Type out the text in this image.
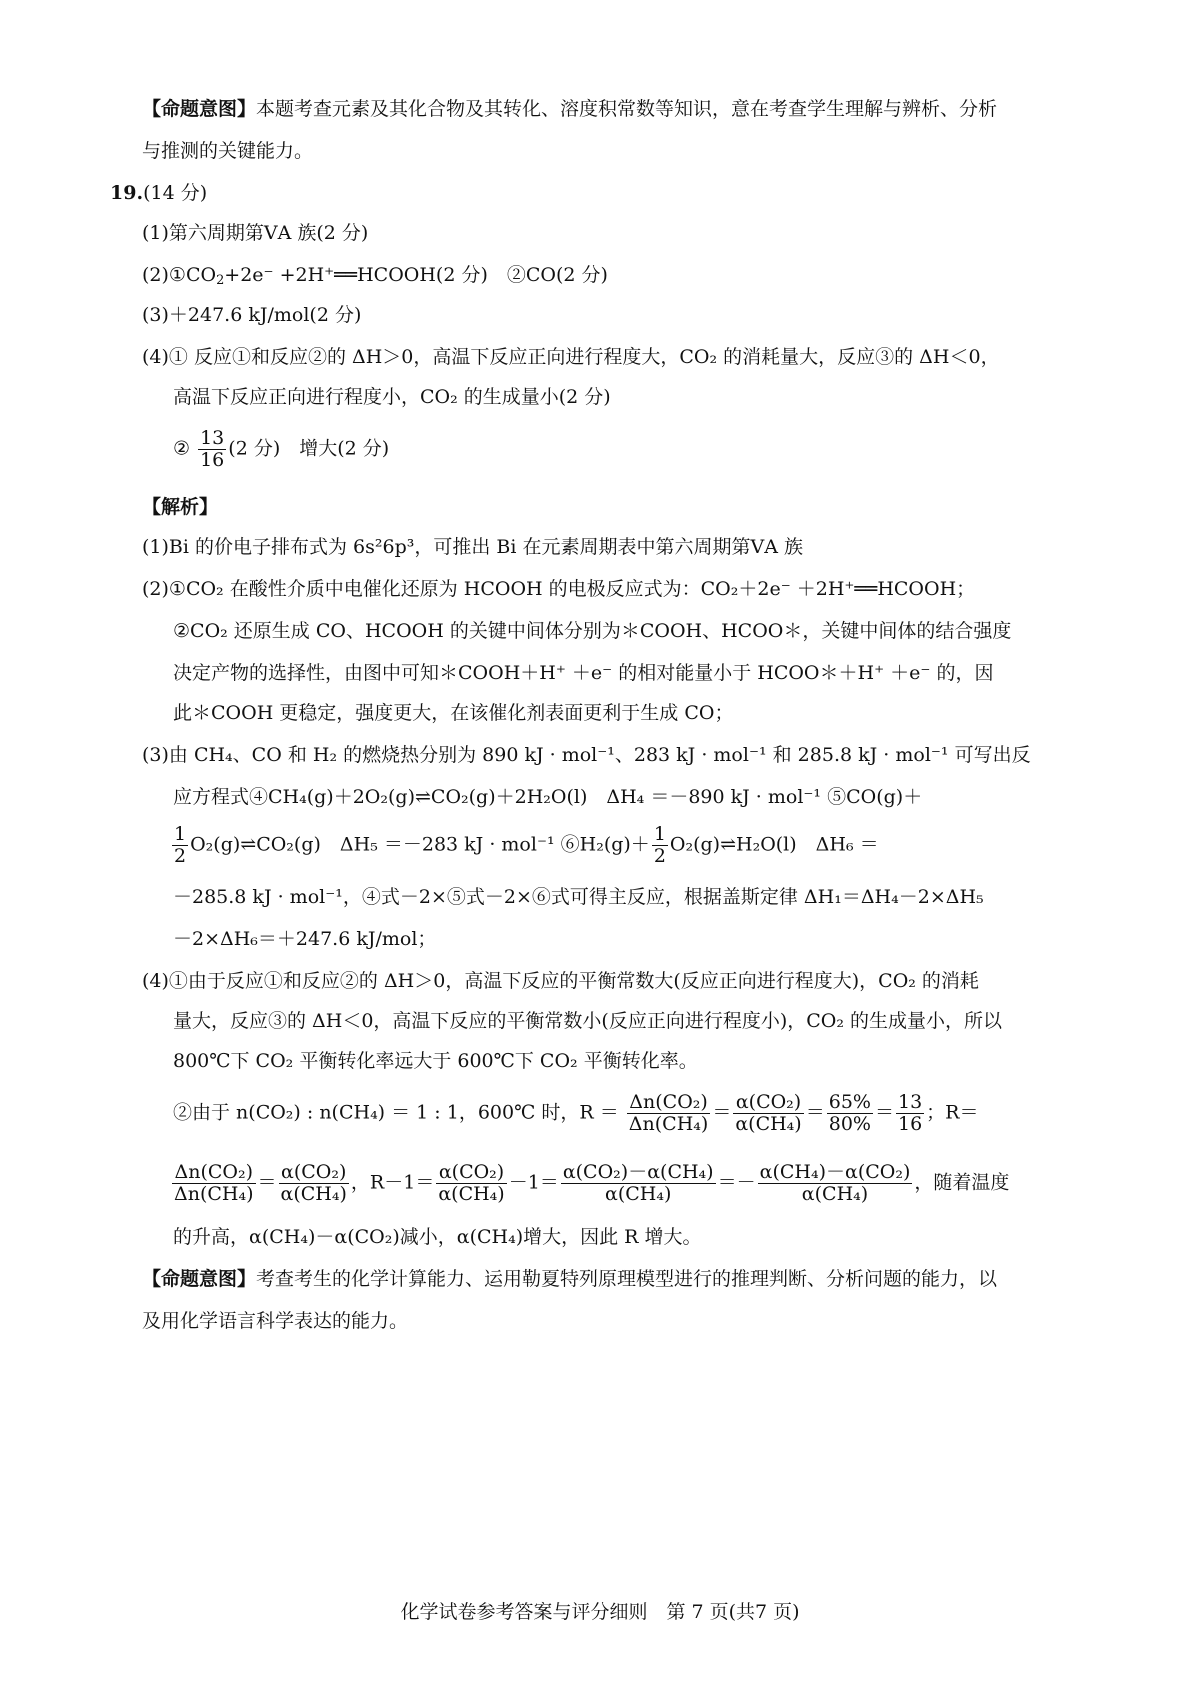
【命题意图】本题考查元素及其化合物及其转化、溶度积常数等知识，意在考查学生理解与辨析、分析
与推测的关键能力。
19.(14 分)
(1)第六周期第ⅤA 族(2 分)
$(2)①CO_2+2e^-$ +2H⁺══HCOOH(2 分)　②CO(2 分)
(3)＋247.6 kJ/mol(2 分)
(4)① 反应①和反应②的 ΔH＞0，高温下反应正向进行程度大，CO₂ 的消耗量大，反应③的 ΔH＜0，
高温下反应正向进行程度小，CO₂ 的生成量小(2 分)
② $\frac{13}{16} (2$ 分)　增大(2 分)
【解析】
(1)Bi 的价电子排布式为 6s²6p³，可推出 Bi 在元素周期表中第六周期第ⅤA 族
(2)①CO₂ 在酸性介质中电催化还原为 HCOOH 的电极反应式为：CO₂＋2e⁻ ＋2H⁺══HCOOH；
②CO₂ 还原生成 CO、HCOOH 的关键中间体分别为＊COOH、HCOO＊，关键中间体的结合强度
决定产物的选择性，由图中可知＊COOH＋H⁺ ＋e⁻ 的相对能量小于 HCOO＊＋H⁺ ＋e⁻ 的，因
此＊COOH 更稳定，强度更大，在该催化剂表面更利于生成 CO；
(3)由 CH₄、CO 和 H₂ 的燃烧热分别为 890 kJ · mol⁻¹、283 kJ · mol⁻¹ 和 285.8 kJ · mol⁻¹ 可写出反
应方程式④CH₄(g)＋2O₂(g)⇌CO₂(g)＋2H₂O(l)　ΔH₄ ＝－890 kJ · mol⁻¹ ⑤CO(g)＋
$\frac{1}{2}$ O₂(g)⇌CO₂(g)　ΔH₅ ＝－283 kJ · mol⁻¹ ⑥H₂(g)＋ $\frac{1}{2}$ O₂(g)⇌H₂O(l)　ΔH₆ ＝
－285.8 kJ · mol⁻¹，④式－2×⑤式－2×⑥式可得主反应，根据盖斯定律 ΔH₁＝ΔH₄－2×ΔH₅
－2×ΔH₆＝＋247.6 kJ/mol；
(4)①由于反应①和反应②的 ΔH＞0，高温下反应的平衡常数大(反应正向进行程度大)，CO₂ 的消耗
量大，反应③的 ΔH＜0，高温下反应的平衡常数小(反应正向进行程度小)，CO₂ 的生成量小，所以
800℃下 CO₂ 平衡转化率远大于 600℃下 CO₂ 平衡转化率。
②由于 n(CO₂) : n(CH₄) ＝ 1 : 1，600℃ 时，$R = \frac{\text{Δn(CO₂)}}{\text{Δn(CH₄)}} = \frac{\text{α(CO₂)}}{\text{α(CH₄)}} = \frac{65\%}{80\%} = \frac{13}{16}$ ；R＝
$\frac{\text{Δn(CO₂)}}{\text{Δn(CH₄)}} = \frac{\text{α(CO₂)}}{\text{α(CH₄)}}$ ，$R-1= \frac{\text{α(CO₂)}}{\text{α(CH₄)}} -1= \frac{\text{α(CO₂)－α(CH₄)}}{\text{α(CH₄)}} =- \frac{\text{α(CH₄)－α(CO₂)}}{\text{α(CH₄)}}$ ，随着温度
的升高，α(CH₄)－α(CO₂)减小，α(CH₄)增大，因此 R 增大。
【命题意图】考查考生的化学计算能力、运用勒夏特列原理模型进行的推理判断、分析问题的能力，以
及用化学语言科学表达的能力。
化学试卷参考答案与评分细则　第 7 页(共7 页)
